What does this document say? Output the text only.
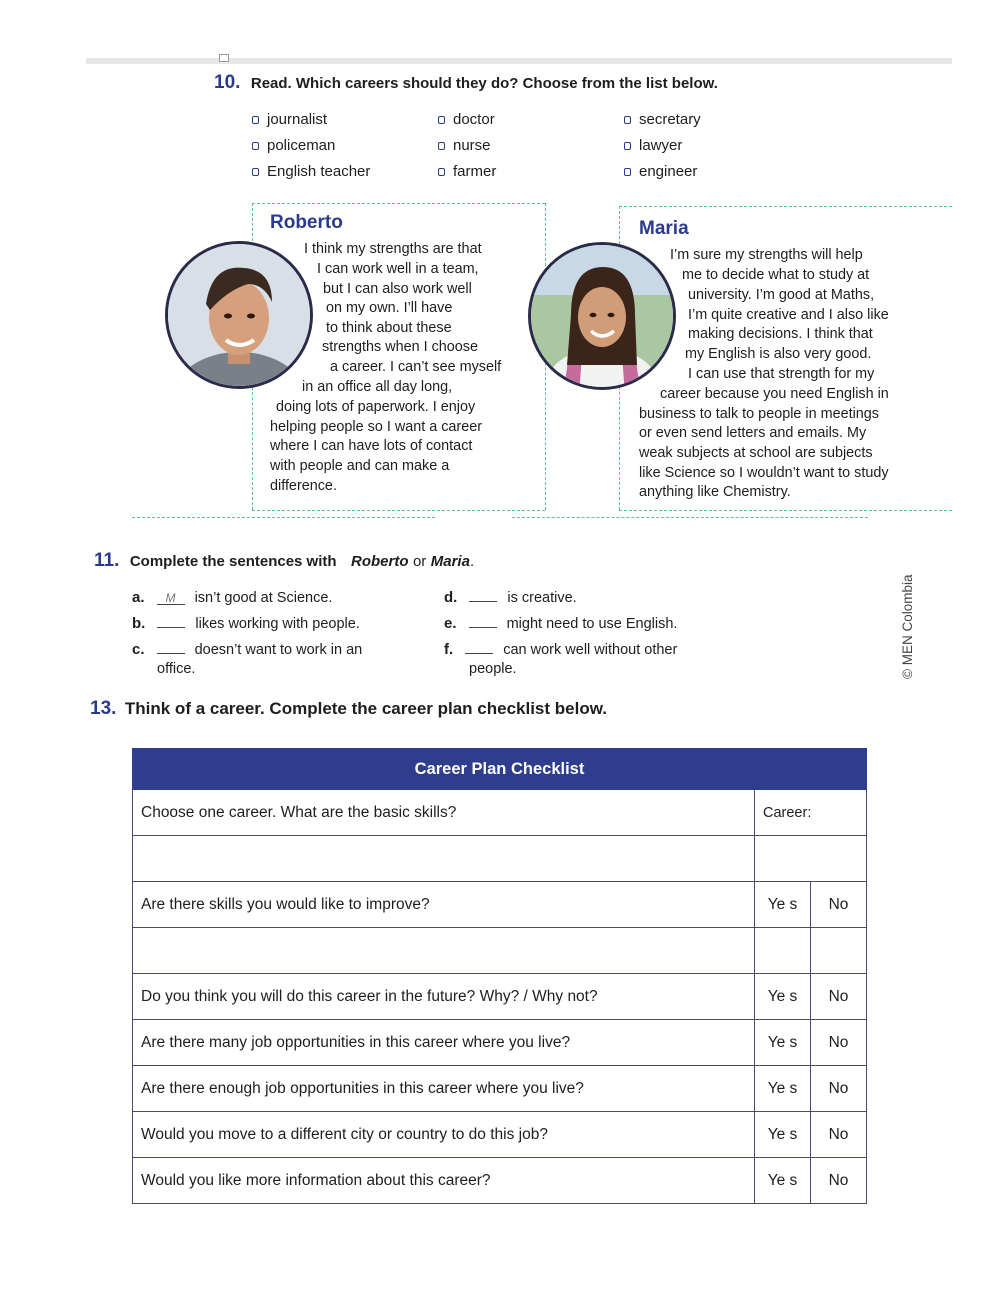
10. Read. Which careers should they do? Choose from the list below.
journalist	doctor	secretary
policeman	nurse	lawyer
English teacher	farmer	engineer
Roberto
I think my strengths are that
I can work well in a team,
but I can also work well
on my own. I’ll have
to think about these
strengths when I choose
a career. I can’t see myself
in an office all day long,
doing lots of paperwork. I enjoy
helping people so I want a career
where I can have lots of contact
with people and can make a
difference.
Maria
I’m sure my strengths will help
me to decide what to study at
university. I’m good at Maths,
I’m quite creative and I also like
making decisions. I think that
my English is also very good.
I can use that strength for my
career because you need English in
business to talk to people in meetings
or even send letters and emails. My
weak subjects at school are subjects
like Science so I wouldn’t want to study
anything like Chemistry.
11. Complete the sentences with Roberto or Maria.
a. M isn’t good at Science.
b.	likes working with people.
c.	doesn’t want to work in an
office.
d.	is creative.
e.	might need to use English.
f.	can work well without other
people.	© MEN Colombia
13. Think of a career. Complete the career plan checklist below.
Career Plan Checklist		
Choose one career. What are the basic skills?	Career:	

Are there skills you would like to improve?	Ye s	No

Do you think you will do this career in the future? Why? / Why not?	Ye s	No
Are there many job opportunities in this career where you live?	Ye s	No
Are there enough job opportunities in this career where you live?	Ye s	No
Would you move to a different city or country to do this job?	Ye s	No
Would you like more information about this career?	Ye s	No
